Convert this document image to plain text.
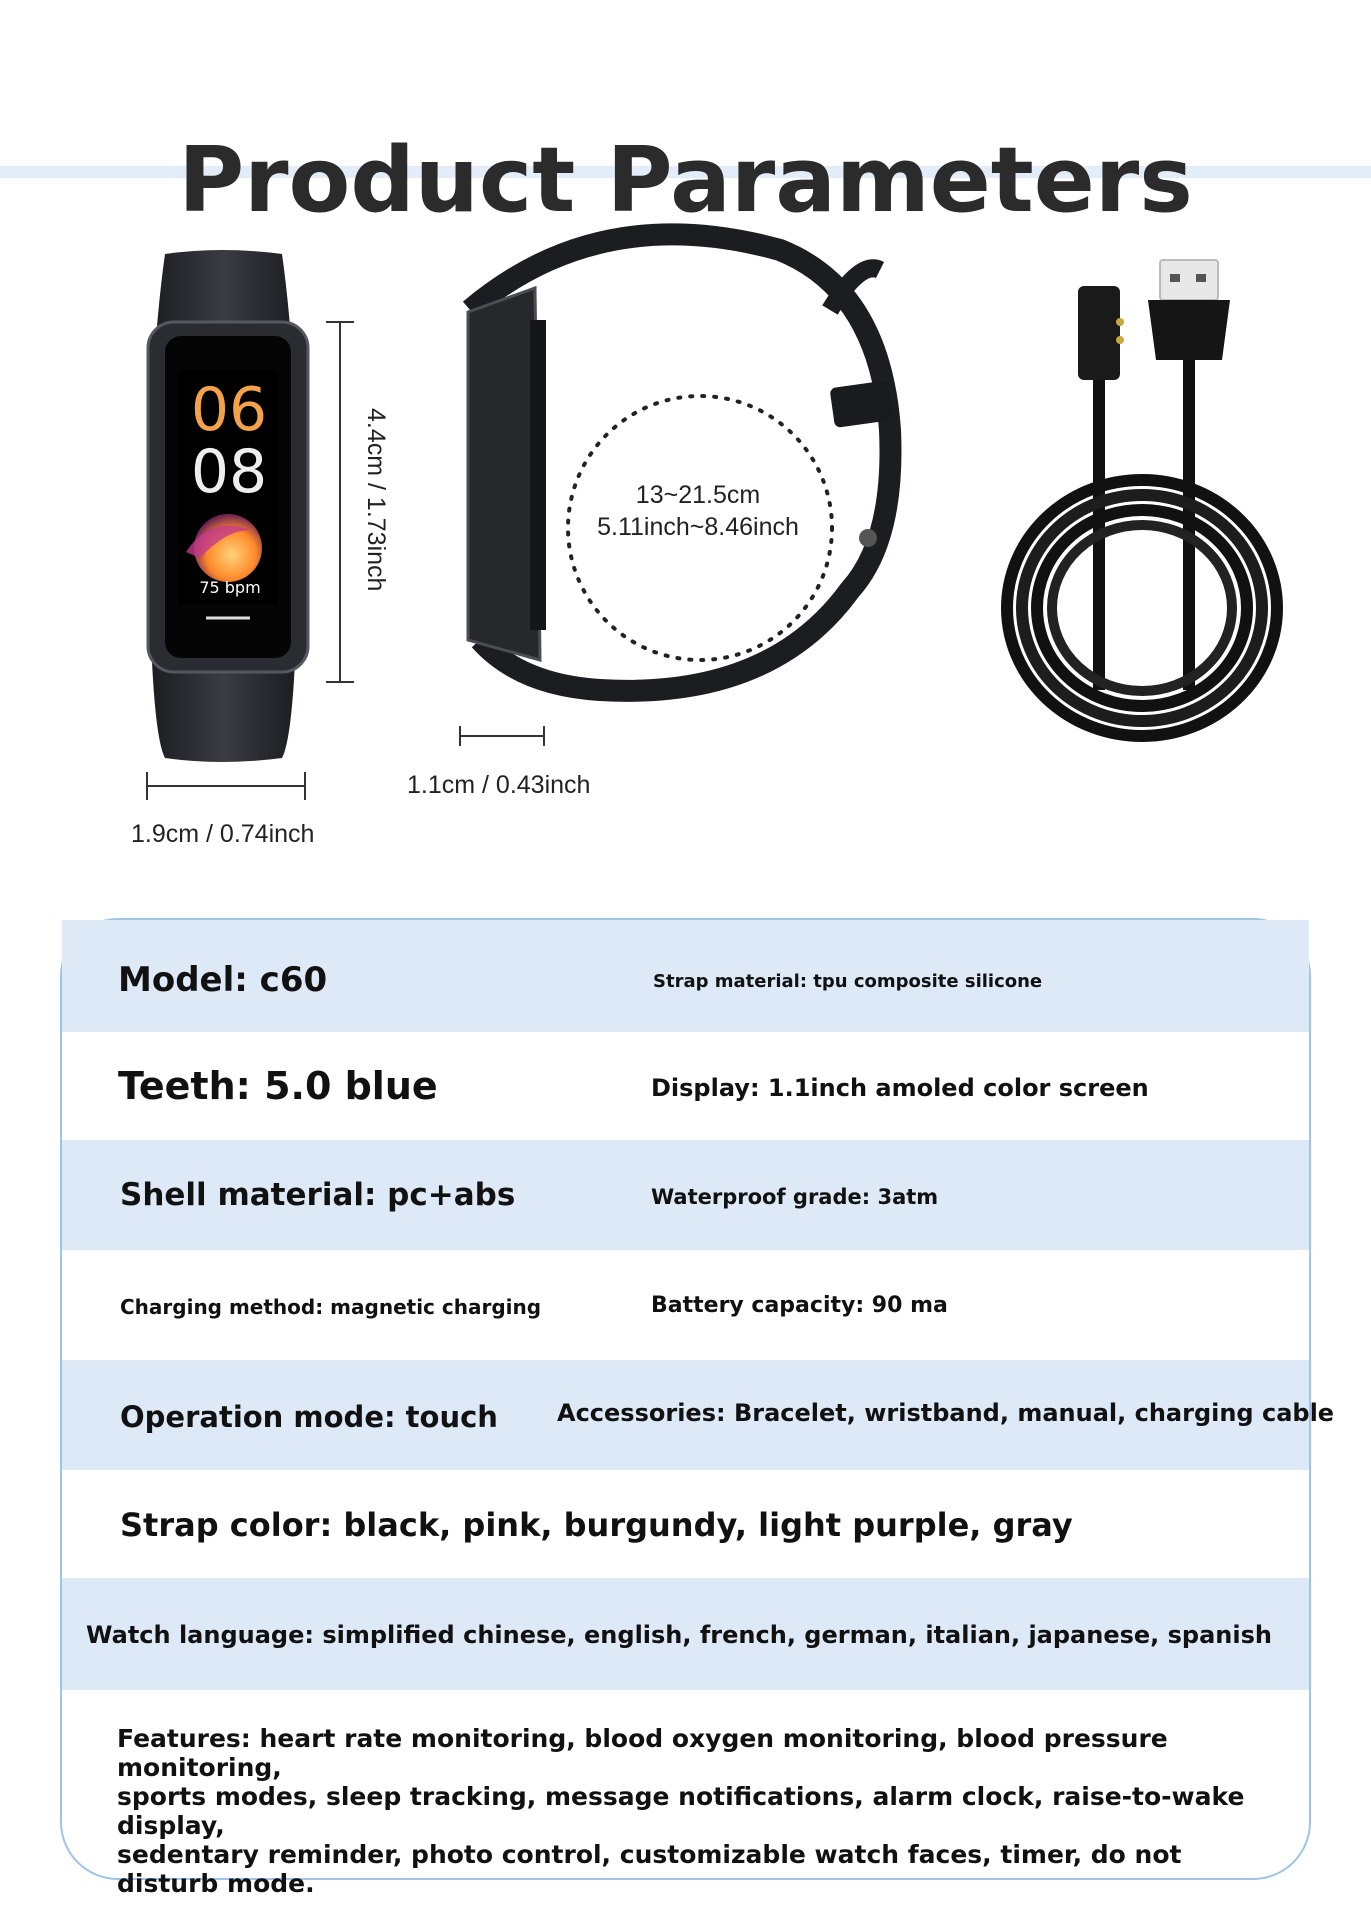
Product Parameters
06
08
75 bpm	4.4cm / 1.73inch	13~21.5cm
5.11inch~8.46inch
1.9cm / 0.74inch
1.1cm / 0.43inch
Model: c60	Strap material: tpu composite silicone
Teeth: 5.0 blue	Display: 1.1inch amoled color screen
Shell material: pc+abs	Waterproof grade: 3atm
Charging method: magnetic charging	Battery capacity: 90 ma
Operation mode: touch Accessories: Bracelet, wristband, manual, charging cable
Strap color: black, pink, burgundy, light purple, gray
Watch language: simplified chinese, english, french, german, italian, japanese, spanish
Features: heart rate monitoring, blood oxygen monitoring, blood pressure monitoring,
sports modes, sleep tracking, message notifications, alarm clock, raise-to-wake display,
sedentary reminder, photo control, customizable watch faces, timer, do not disturb mode.
